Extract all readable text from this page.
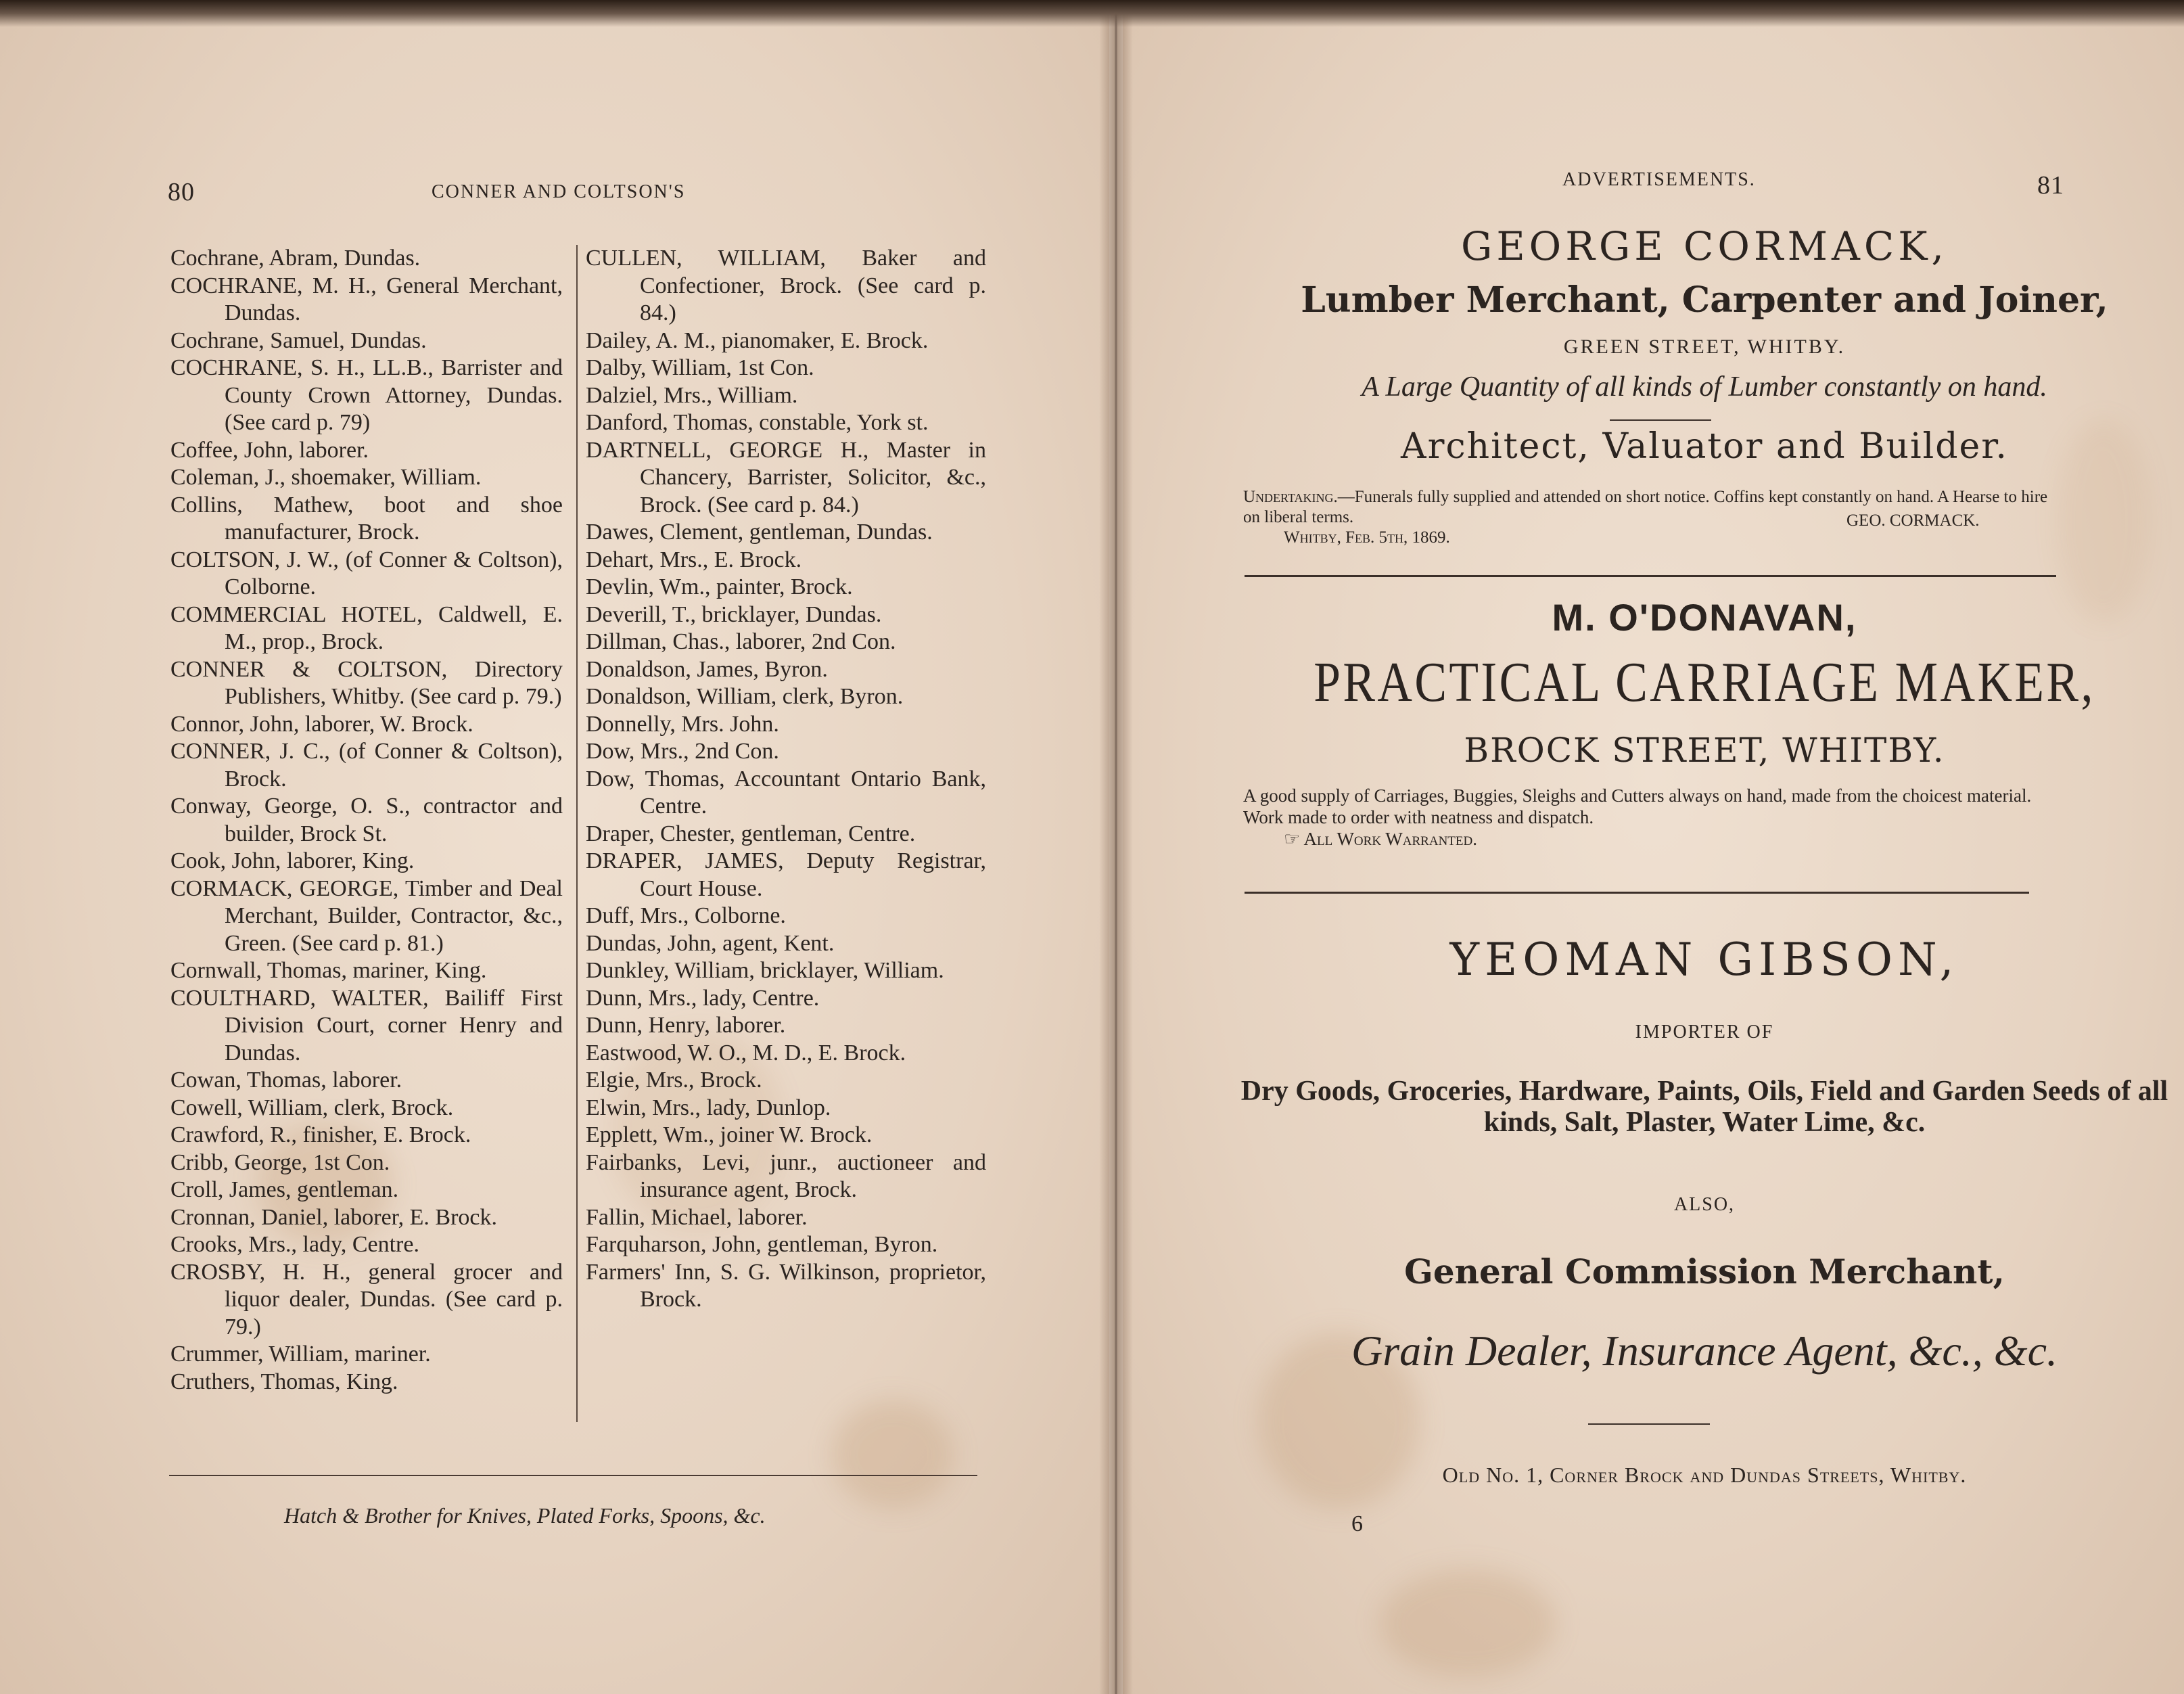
80	CONNER AND COLTSON'S
Cochrane, Abram, Dundas.
COCHRANE, M. H., General Merchant, Dundas.
Cochrane, Samuel, Dundas.
COCHRANE, S. H., LL.B., Barrister and County Crown Attorney, Dundas. (See card p. 79)
Coffee, John, laborer.
Coleman, J., shoemaker, William.
Collins, Mathew, boot and shoe manufacturer, Brock.
COLTSON, J. W., (of Conner & Coltson), Colborne.
COMMERCIAL HOTEL, Caldwell, E. M., prop., Brock.
CONNER & COLTSON, Directory Publishers, Whitby. (See card p. 79.)
Connor, John, laborer, W. Brock.
CONNER, J. C., (of Conner & Coltson), Brock.
Conway, George, O. S., contractor and builder, Brock St.
Cook, John, laborer, King.
CORMACK, GEORGE, Timber and Deal Merchant, Builder, Contractor, &c., Green. (See card p. 81.)
Cornwall, Thomas, mariner, King.
COULTHARD, WALTER, Bailiff First Division Court, corner Henry and Dundas.
Cowan, Thomas, laborer.
Cowell, William, clerk, Brock.
Crawford, R., finisher, E. Brock.
Cribb, George, 1st Con.
Croll, James, gentleman.
Cronnan, Daniel, laborer, E. Brock.
Crooks, Mrs., lady, Centre.
CROSBY, H. H., general grocer and liquor dealer, Dundas. (See card p. 79.)
Crummer, William, mariner.
Cruthers, Thomas, King.
CULLEN, WILLIAM, Baker and Confectioner, Brock. (See card p. 84.)
Dailey, A. M., pianomaker, E. Brock.
Dalby, William, 1st Con.
Dalziel, Mrs., William.
Danford, Thomas, constable, York st.
DARTNELL, GEORGE H., Master in Chancery, Barrister, Solicitor, &c., Brock. (See card p. 84.)
Dawes, Clement, gentleman, Dundas.
Dehart, Mrs., E. Brock.
Devlin, Wm., painter, Brock.
Deverill, T., bricklayer, Dundas.
Dillman, Chas., laborer, 2nd Con.
Donaldson, James, Byron.
Donaldson, William, clerk, Byron.
Donnelly, Mrs. John.
Dow, Mrs., 2nd Con.
Dow, Thomas, Accountant Ontario Bank, Centre.
Draper, Chester, gentleman, Centre.
DRAPER, JAMES, Deputy Registrar, Court House.
Duff, Mrs., Colborne.
Dundas, John, agent, Kent.
Dunkley, William, bricklayer, William.
Dunn, Mrs., lady, Centre.
Dunn, Henry, laborer.
Eastwood, W. O., M. D., E. Brock.
Elgie, Mrs., Brock.
Elwin, Mrs., lady, Dunlop.
Epplett, Wm., joiner W. Brock.
Fairbanks, Levi, junr., auctioneer and insurance agent, Brock.
Fallin, Michael, laborer.
Farquharson, John, gentleman, Byron.
Farmers' Inn, S. G. Wilkinson, proprietor, Brock.
Hatch & Brother for Knives, Plated Forks, Spoons, &c.
ADVERTISEMENTS.	81
GEORGE CORMACK,
Lumber Merchant, Carpenter and Joiner,
GREEN STREET, WHITBY.
A Large Quantity of all kinds of Lumber constantly on hand.
Architect, Valuator and Builder.
Undertaking.—Funerals fully supplied and attended on short notice. Coffins kept constantly on hand. A Hearse to hire on liberal terms.
Whitby, Feb. 5th, 1869.
GEO. CORMACK.
M. O'DONAVAN,
PRACTICAL CARRIAGE MAKER,
BROCK STREET, WHITBY.
A good supply of Carriages, Buggies, Sleighs and Cutters always on hand, made from the choicest material. Work made to order with neatness and dispatch.
☞ All Work Warranted.
YEOMAN GIBSON,
IMPORTER OF
Dry Goods, Groceries, Hardware, Paints, Oils, Field and Garden Seeds of all kinds, Salt, Plaster, Water Lime, &c.
ALSO,
General Commission Merchant,
Grain Dealer, Insurance Agent, &c., &c.
Old No. 1, Corner Brock and Dundas Streets, Whitby.
6
